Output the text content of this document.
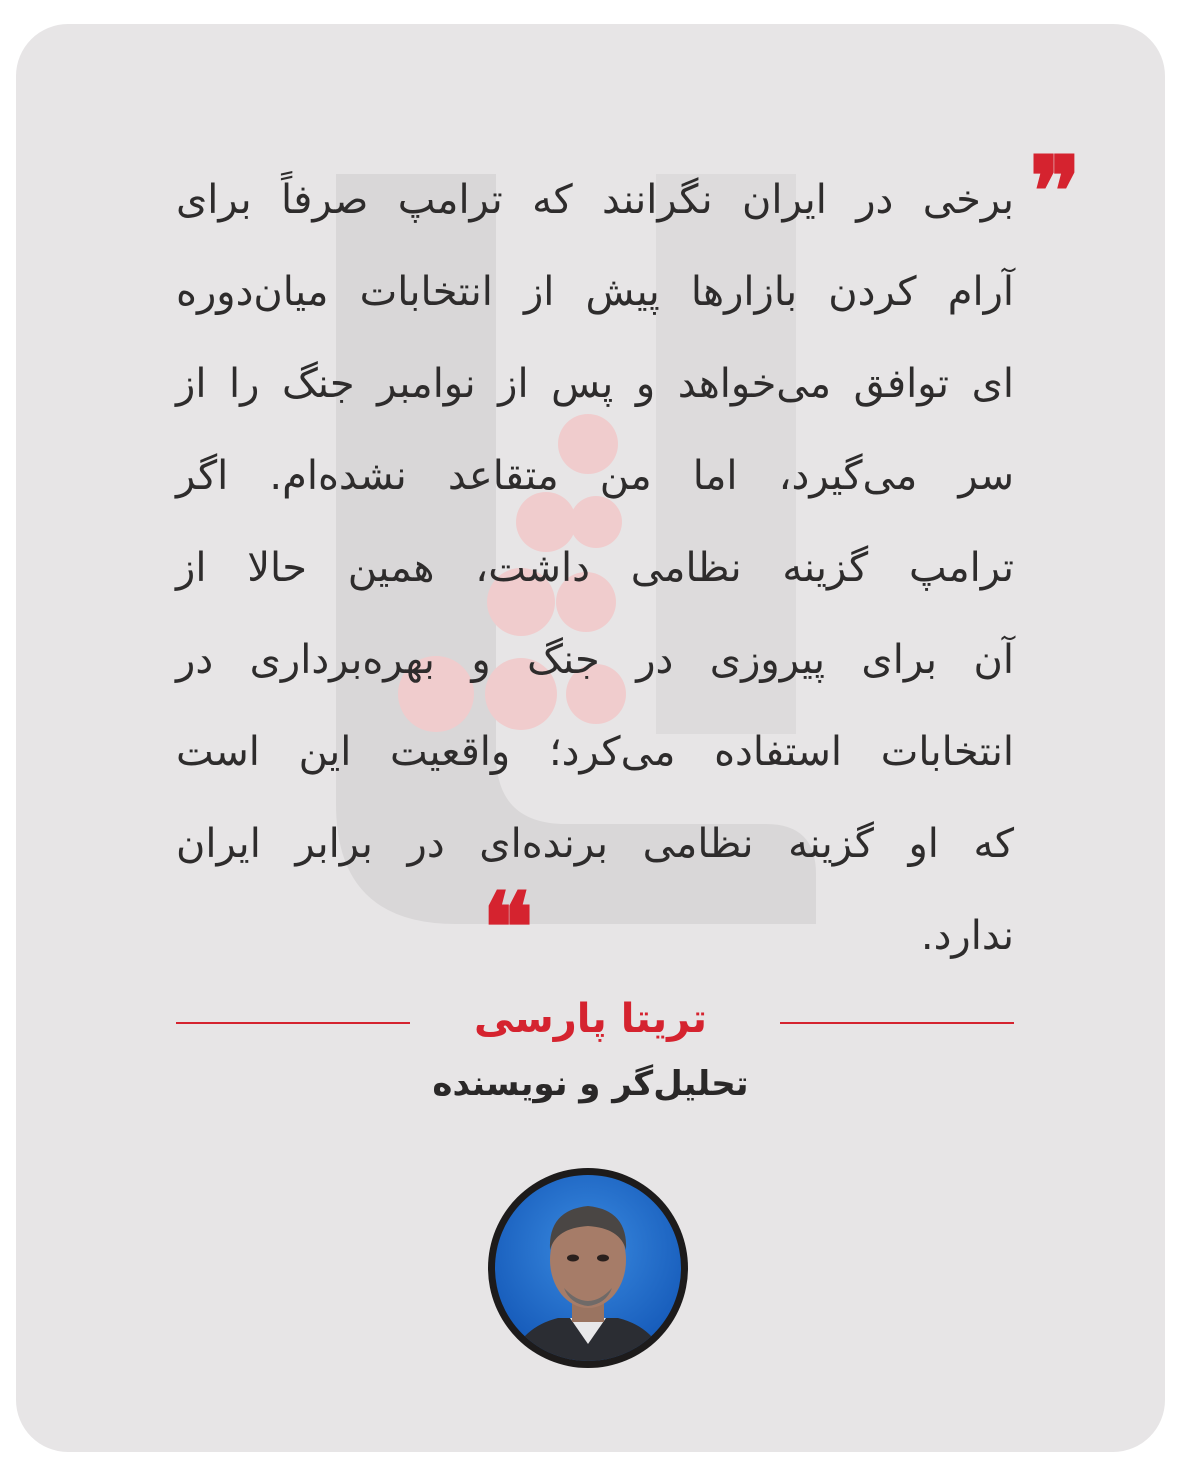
❞
برخی در ایران نگرانند که ترامپ صرفاً برای
آرام کردن بازارها پیش از انتخابات میان‌دوره
ای توافق می‌خواهد و پس از نوامبر جنگ را از
سر می‌گیرد، اما من متقاعد نشده‌ام. اگر
ترامپ گزینه نظامی داشت، همین حالا از
آن برای پیروزی در جنگ و بهره‌برداری در
انتخابات استفاده می‌کرد؛ واقعیت این است
که او گزینه نظامی برنده‌ای در برابر ایران
ندارد.
❝
تریتا پارسی
تحلیل‌گر و نویسنده
